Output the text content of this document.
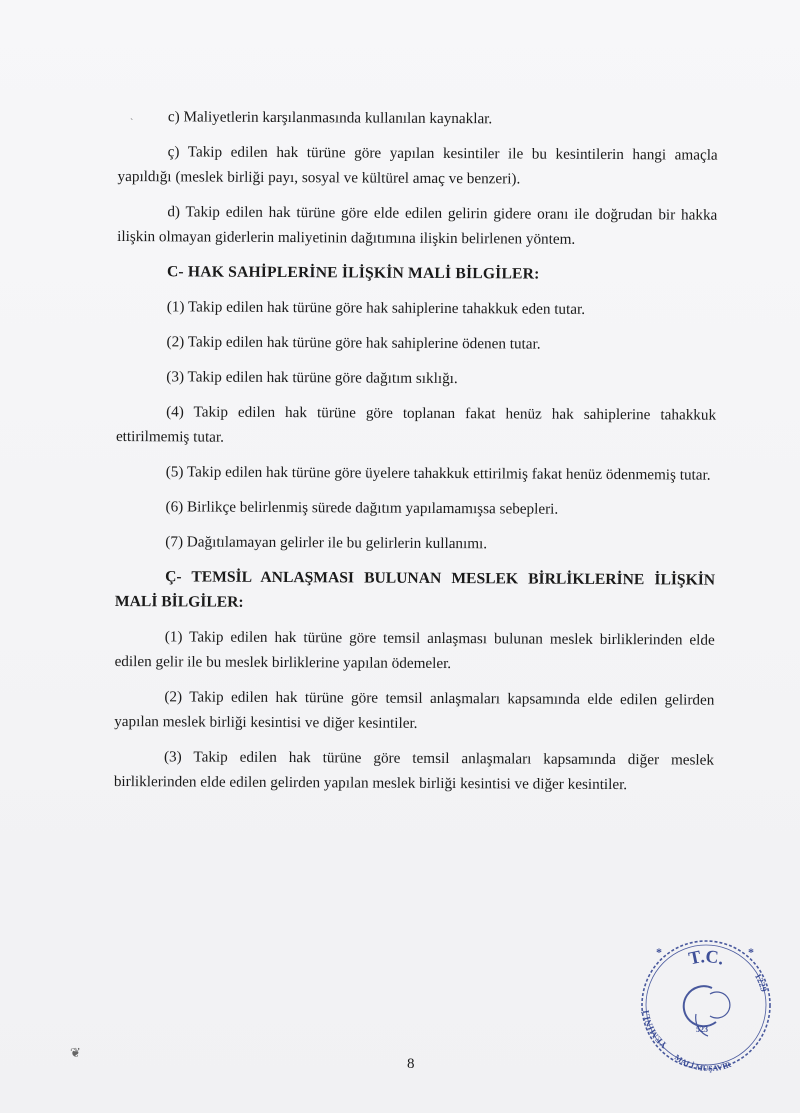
c) Maliyetlerin karşılanmasında kullanılan kaynaklar.

ç) Takip edilen hak türüne göre yapılan kesintiler ile bu kesintilerin hangi amaçla yapıldığı (meslek birliği payı, sosyal ve kültürel amaç ve benzeri).

d) Takip edilen hak türüne göre elde edilen gelirin gidere oranı ile doğrudan bir hakka ilişkin olmayan giderlerin maliyetinin dağıtımına ilişkin belirlenen yöntem.

C- HAK SAHİPLERİNE İLİŞKİN MALİ BİLGİLER:

(1) Takip edilen hak türüne göre hak sahiplerine tahakkuk eden tutar.

(2) Takip edilen hak türüne göre hak sahiplerine ödenen tutar.

(3) Takip edilen hak türüne göre dağıtım sıklığı.

(4) Takip edilen hak türüne göre toplanan fakat henüz hak sahiplerine tahakkuk ettirilmemiş tutar.

(5) Takip edilen hak türüne göre üyelere tahakkuk ettirilmiş fakat henüz ödenmemiş tutar.

(6) Birlikçe belirlenmiş sürede dağıtım yapılamamışsa sebepleri.

(7) Dağıtılamayan gelirler ile bu gelirlerin kullanımı.

Ç- TEMSİL ANLAŞMASI BULUNAN MESLEK BİRLİKLERİNE İLİŞKİN MALİ BİLGİLER:

(1) Takip edilen hak türüne göre temsil anlaşması bulunan meslek birliklerinden elde edilen gelir ile bu meslek birliklerine yapılan ödemeler.

(2) Takip edilen hak türüne göre temsil anlaşmaları kapsamında elde edilen gelirden yapılan meslek birliği kesintisi ve diğer kesintiler.

(3) Takip edilen hak türüne göre temsil anlaşmaları kapsamında diğer meslek birliklerinden elde edilen gelirden yapılan meslek birliği kesintisi ve diğer kesintiler.

`
❦
8
T.C.
YEMİNLİ
1229
MALİ MÜŞAVİR
523
*	*
